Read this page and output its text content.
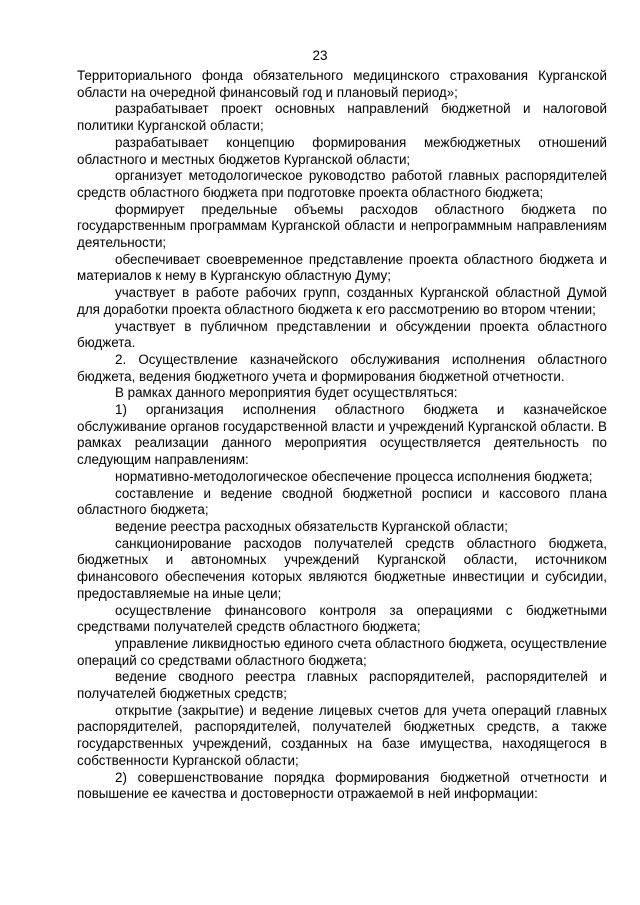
23

Территориального фонда обязательного медицинского страхования Курганской области на очередной финансовый год и плановый период»;

разрабатывает проект основных направлений бюджетной и налоговой политики Курганской области;

разрабатывает концепцию формирования межбюджетных отношений областного и местных бюджетов Курганской области;

организует методологическое руководство работой главных распорядителей средств областного бюджета при подготовке проекта областного бюджета;

формирует предельные объемы расходов областного бюджета по государственным программам Курганской области и непрограммным направлениям деятельности;

обеспечивает своевременное представление проекта областного бюджета и материалов к нему в Курганскую областную Думу;

участвует в работе рабочих групп, созданных Курганской областной Думой для доработки проекта областного бюджета к его рассмотрению во втором чтении;

участвует в публичном представлении и обсуждении проекта областного бюджета.

2. Осуществление казначейского обслуживания исполнения областного бюджета, ведения бюджетного учета и формирования бюджетной отчетности.

В рамках данного мероприятия будет осуществляться:

1) организация исполнения областного бюджета и казначейское обслуживание органов государственной власти и учреждений Курганской области. В рамках реализации данного мероприятия осуществляется деятельность по следующим направлениям:

нормативно-методологическое обеспечение процесса исполнения бюджета;

составление и ведение сводной бюджетной росписи и кассового плана областного бюджета;

ведение реестра расходных обязательств Курганской области;

санкционирование расходов получателей средств областного бюджета, бюджетных и автономных учреждений Курганской области, источником финансового обеспечения которых являются бюджетные инвестиции и субсидии, предоставляемые на иные цели;

осуществление финансового контроля за операциями с бюджетными средствами получателей средств областного бюджета;

управление ликвидностью единого счета областного бюджета, осуществление операций со средствами областного бюджета;

ведение сводного реестра главных распорядителей, распорядителей и получателей бюджетных средств;

открытие (закрытие) и ведение лицевых счетов для учета операций главных распорядителей, распорядителей, получателей бюджетных средств, а также государственных учреждений, созданных на базе имущества, находящегося в собственности Курганской области;

2) совершенствование порядка формирования бюджетной отчетности и повышение ее качества и достоверности отражаемой в ней информации:
